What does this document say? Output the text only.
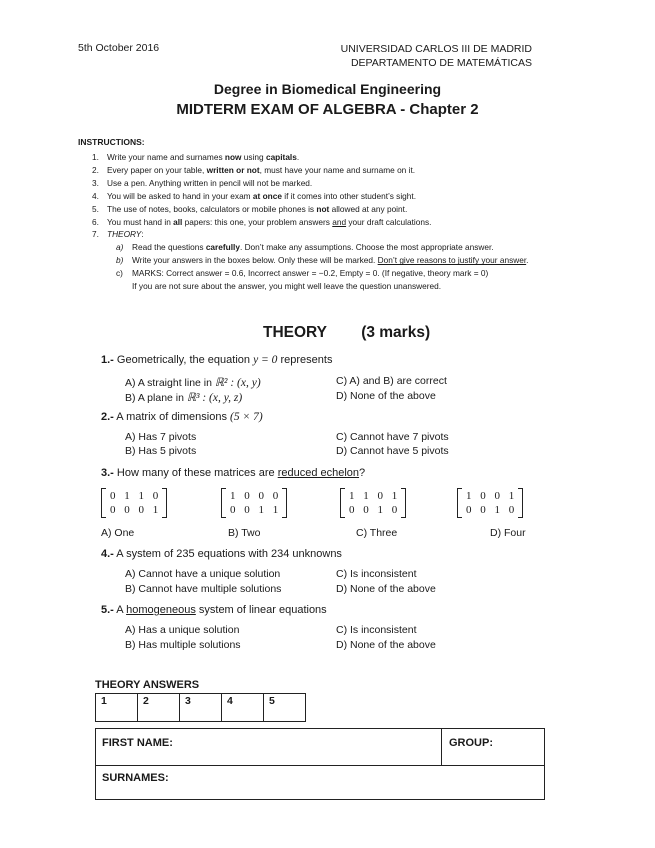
5th October 2016	UNIVERSIDAD CARLOS III DE MADRID
DEPARTAMENTO DE MATEMÁTICAS
Degree in Biomedical Engineering
MIDTERM EXAM OF ALGEBRA - Chapter 2
INSTRUCTIONS:
1. Write your name and surnames now using capitals.
2. Every paper on your table, written or not, must have your name and surname on it.
3. Use a pen. Anything written in pencil will not be marked.
4. You will be asked to hand in your exam at once if it comes into other student’s sight.
5. The use of notes, books, calculators or mobile phones is not allowed at any point.
6. You must hand in all papers: this one, your problem answers and your draft calculations.
7. THEORY:
a)	Read the questions carefully. Don’t make any assumptions. Choose the most appropriate answer.
b)	Write your answers in the boxes below. Only these will be marked. Don’t give reasons to justify your answer.
c)	MARKS: Correct answer = 0.6, Incorrect answer = −0.2, Empty = 0. (If negative, theory mark = 0)
If you are not sure about the answer, you might well leave the question unanswered.
THEORY (3 marks)
1.- Geometrically, the equation y = 0 represents
A) A straight line in ℝ² : (x, y)
B) A plane in ℝ³ : (x, y, z)
C) A) and B) are correct
D) None of the above
2.- A matrix of dimensions (5 × 7)
A) Has 7 pivots
B) Has 5 pivots
C) Cannot have 7 pivots
D) Cannot have 5 pivots
3.- How many of these matrices are reduced echelon?
0 1 1 0
0 0 0 1
1 0 0 0
0 0 1 1
1 1 0 1
0 0 1 0
1 0 0 1
0 0 1 0
A) One	B) Two	C) Three	D) Four
4.- A system of 235 equations with 234 unknowns
A) Cannot have a unique solution
B) Cannot have multiple solutions
C) Is inconsistent
D) None of the above
5.- A homogeneous system of linear equations
A) Has a unique solution
B) Has multiple solutions
C) Is inconsistent
D) None of the above
THEORY ANSWERS
1	2	3	4	5
FIRST NAME:	GROUP:
SURNAMES:
